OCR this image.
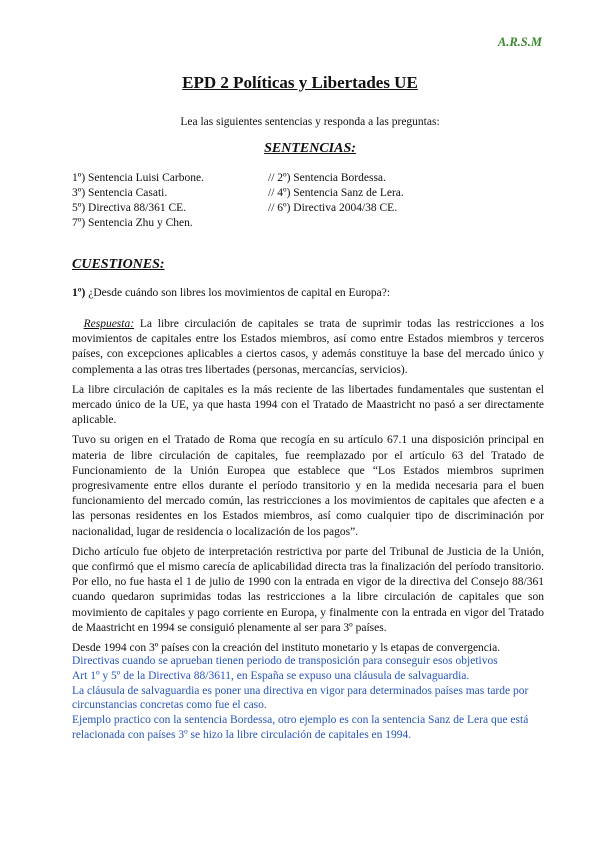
A.R.S.M
EPD 2 Políticas y Libertades UE
Lea las siguientes sentencias y responda a las preguntas:
SENTENCIAS:
1º) Sentencia Luisi Carbone.
3º) Sentencia Casati.
5º) Directiva 88/361 CE.
7º) Sentencia Zhu y Chen.
// 2º) Sentencia Bordessa.
// 4º) Sentencia Sanz de Lera.
// 6º) Directiva 2004/38 CE.
CUESTIONES:
1º) ¿Desde cuándo son libres los movimientos de capital en Europa?:

Respuesta: La libre circulación de capitales se trata de suprimir todas las restricciones a los movimientos de capitales entre los Estados miembros, así como entre Estados miembros y terceros países, con excepciones aplicables a ciertos casos, y además constituye la base del mercado único y complementa a las otras tres libertades (personas, mercancías, servicios).

La libre circulación de capitales es la más reciente de las libertades fundamentales que sustentan el mercado único de la UE, ya que hasta 1994 con el Tratado de Maastricht no pasó a ser directamente aplicable.

Tuvo su origen en el Tratado de Roma que recogía en su artículo 67.1 una disposición principal en materia de libre circulación de capitales, fue reemplazado por el artículo 63 del Tratado de Funcionamiento de la Unión Europea que establece que “Los Estados miembros suprimen progresivamente entre ellos durante el período transitorio y en la medida necesaria para el buen funcionamiento del mercado común, las restricciones a los movimientos de capitales que afecten e a las personas residentes en los Estados miembros, así como cualquier tipo de discriminación por nacionalidad, lugar de residencia o localización de los pagos”.

Dicho artículo fue objeto de interpretación restrictiva por parte del Tribunal de Justicia de la Unión, que confirmó que el mismo carecía de aplicabilidad directa tras la finalización del período transitorio. Por ello, no fue hasta el 1 de julio de 1990 con la entrada en vigor de la directiva del Consejo 88/361 cuando quedaron suprimidas todas las restricciones a la libre circulación de capitales que son movimiento de capitales y pago corriente en Europa, y finalmente con la entrada en vigor del Tratado de Maastricht en 1994 se consiguió plenamente al ser para 3º países.

Desde 1994 con 3º países con la creación del instituto monetario y ls etapas de convergencia.

Directivas cuando se aprueban tienen periodo de transposición para conseguir esos objetivos
Art 1º y 5º de la Directiva 88/3611, en España se expuso una cláusula de salvaguardia.
La cláusula de salvaguardia es poner una directiva en vigor para determinados países mas tarde por circunstancias concretas como fue el caso.
Ejemplo practico con la sentencia Bordessa, otro ejemplo es con la sentencia Sanz de Lera que está relacionada con países 3º se hizo la libre circulación de capitales en 1994.
